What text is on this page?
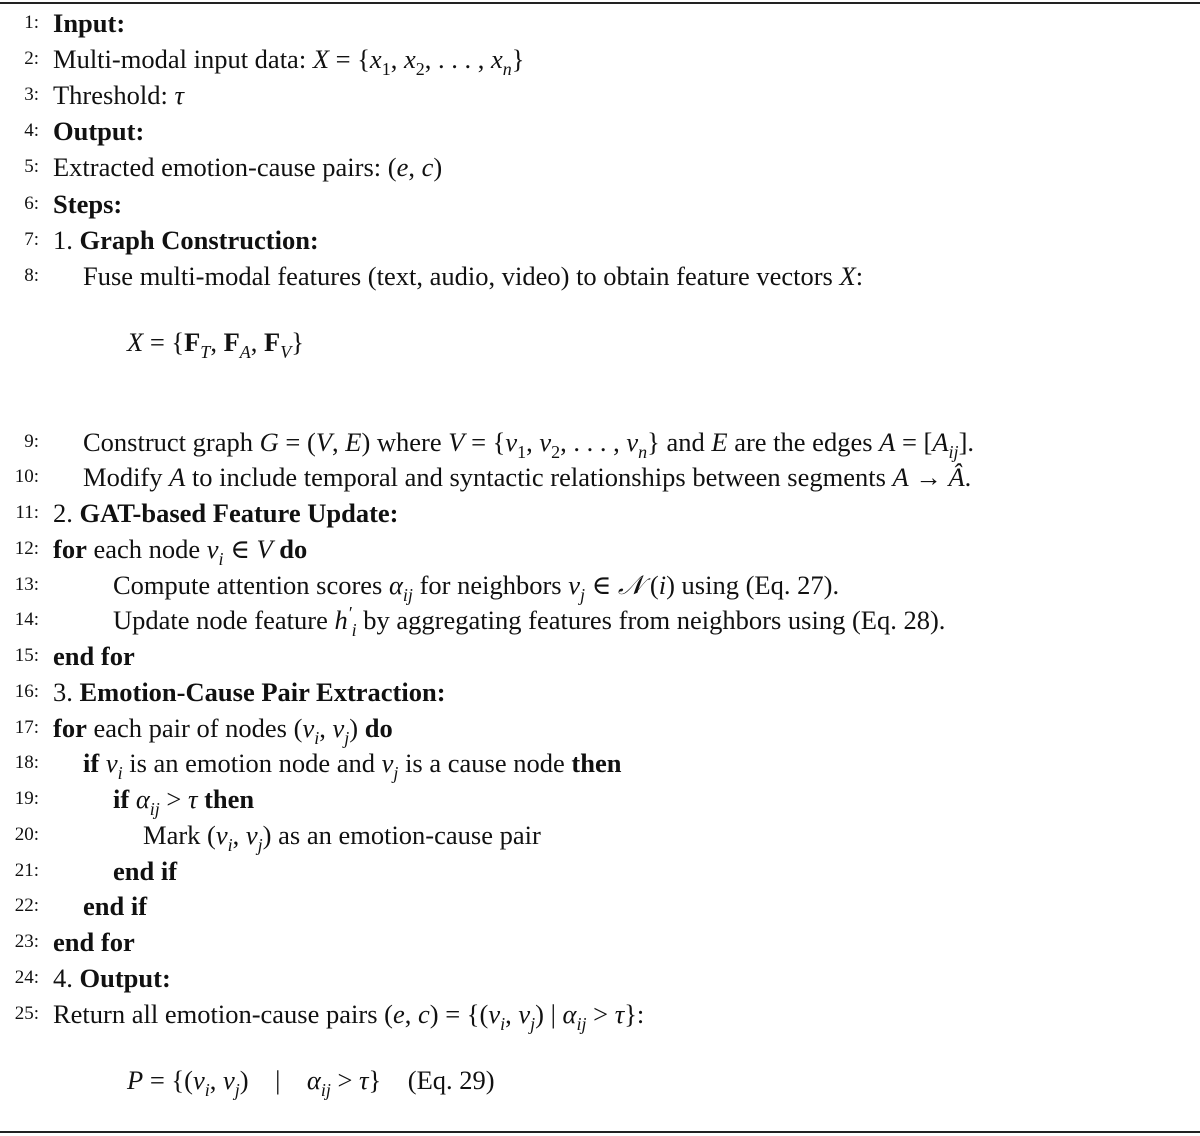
1: Input:
2: Multi-modal input data: $X = \{x_1$, $x_2$, . . . , $x_n$}
3: Threshold: τ
4: Output:
5: Extracted emotion-cause pairs: (e, c)
6: Steps:
7: 1. Graph Construction:
8: Fuse multi-modal features (text, audio, video) to obtain feature vectors X:
$X = \{F_T$, $F_A$, $F_V$}
9: Construct graph G = (V, E) where $V = \{v_1$, $v_2$, . . . , $v_n$} and E are the edges $A = [A_{ij}]$.
10: Modify A to include temporal and syntactic relationships between segments A → Â.
11: 2. GAT-based Feature Update:
12: for each node $v_i$ ∈ V do
13:	Compute attention scores $\alpha_{ij}$ for neighbors $v_j$ ∈ 𝒩 (i) using (Eq. 27).
14:	Update node feature $h'_i$ by aggregating features from neighbors using (Eq. 28).
15: end for
16: 3. Emotion-Cause Pair Extraction:
17: for each pair of nodes ($v_i$, $v_j$) do
18: if $v_i$ is an emotion node and $v_j$ is a cause node then
19:	if $\alpha_{ij} > \tau$ then
20:	Mark ($v_i$, $v_j$) as an emotion-cause pair
21:	end if
22: end if
23: end for
24: 4. Output:
25: Return all emotion-cause pairs (e, $c) = \{(v_i$, $v_j$) | $\alpha_{ij} > \tau$}:
$P = \{(v_i$, $v_j$)    |    $\alpha_{ij} > \tau$}    (Eq. 29)
